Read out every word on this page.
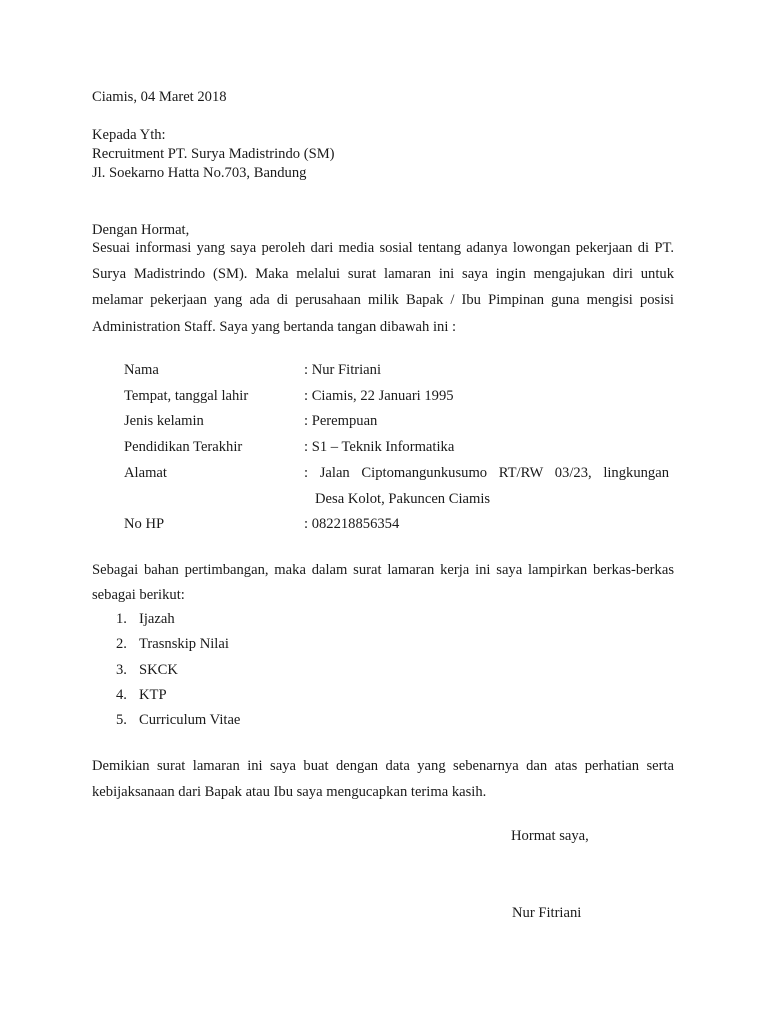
Ciamis, 04 Maret 2018
Kepada Yth:
Recruitment PT. Surya Madistrindo (SM)
Jl. Soekarno Hatta No.703, Bandung
Dengan Hormat,
Sesuai informasi yang saya peroleh dari media sosial tentang adanya lowongan pekerjaan di PT. Surya Madistrindo (SM). Maka melalui surat lamaran ini saya ingin mengajukan diri untuk melamar pekerjaan yang ada di perusahaan milik Bapak / Ibu Pimpinan guna mengisi posisi Administration Staff. Saya yang bertanda tangan dibawah ini :
Nama	: Nur Fitriani
Tempat, tanggal lahir	: Ciamis, 22 Januari 1995
Jenis kelamin	: Perempuan
Pendidikan Terakhir	: S1 – Teknik Informatika
Alamat	: Jalan Ciptomangunkusumo RT/RW 03/23, lingkungan
Desa Kolot, Pakuncen Ciamis
No HP	: 082218856354
Sebagai bahan pertimbangan, maka dalam surat lamaran kerja ini saya lampirkan berkas-berkas sebagai berikut:
1. Ijazah
2. Trasnskip Nilai
3. SKCK
4. KTP
5. Curriculum Vitae
Demikian surat lamaran ini saya buat dengan data yang sebenarnya dan atas perhatian serta kebijaksanaan dari Bapak atau Ibu saya mengucapkan terima kasih.
Hormat saya,
Nur Fitriani
